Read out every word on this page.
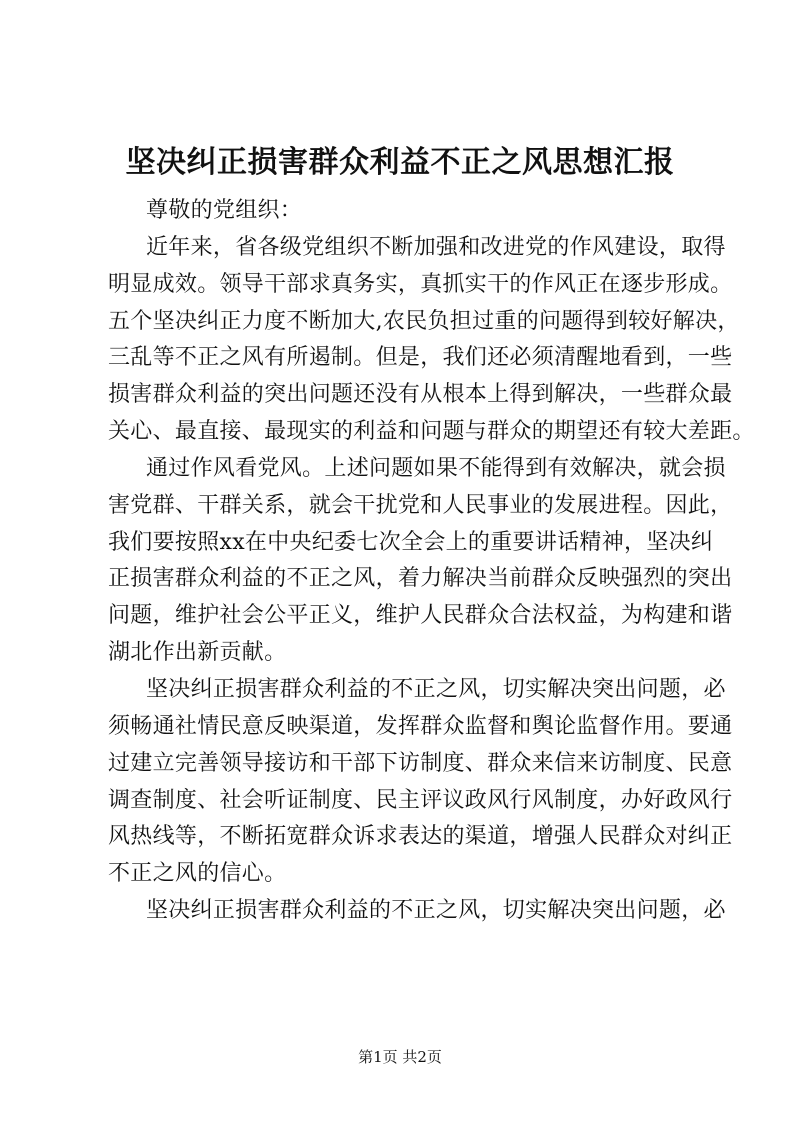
坚决纠正损害群众利益不正之风思想汇报
尊敬的党组织：
近年来，省各级党组织不断加强和改进党的作风建设，取得
明显成效。领导干部求真务实，真抓实干的作风正在逐步形成。
五个坚决纠正力度不断加大,农民负担过重的问题得到较好解决，
三乱等不正之风有所遏制。但是，我们还必须清醒地看到，一些
损害群众利益的突出问题还没有从根本上得到解决，一些群众最
关心、最直接、最现实的利益和问题与群众的期望还有较大差距。
通过作风看党风。上述问题如果不能得到有效解决，就会损
害党群、干群关系，就会干扰党和人民事业的发展进程。因此，
我们要按照xx在中央纪委七次全会上的重要讲话精神，坚决纠
正损害群众利益的不正之风，着力解决当前群众反映强烈的突出
问题，维护社会公平正义，维护人民群众合法权益，为构建和谐
湖北作出新贡献。
坚决纠正损害群众利益的不正之风，切实解决突出问题，必
须畅通社情民意反映渠道，发挥群众监督和舆论监督作用。要通
过建立完善领导接访和干部下访制度、群众来信来访制度、民意
调查制度、社会听证制度、民主评议政风行风制度，办好政风行
风热线等，不断拓宽群众诉求表达的渠道，增强人民群众对纠正
不正之风的信心。
坚决纠正损害群众利益的不正之风，切实解决突出问题，必
第1页 共2页
